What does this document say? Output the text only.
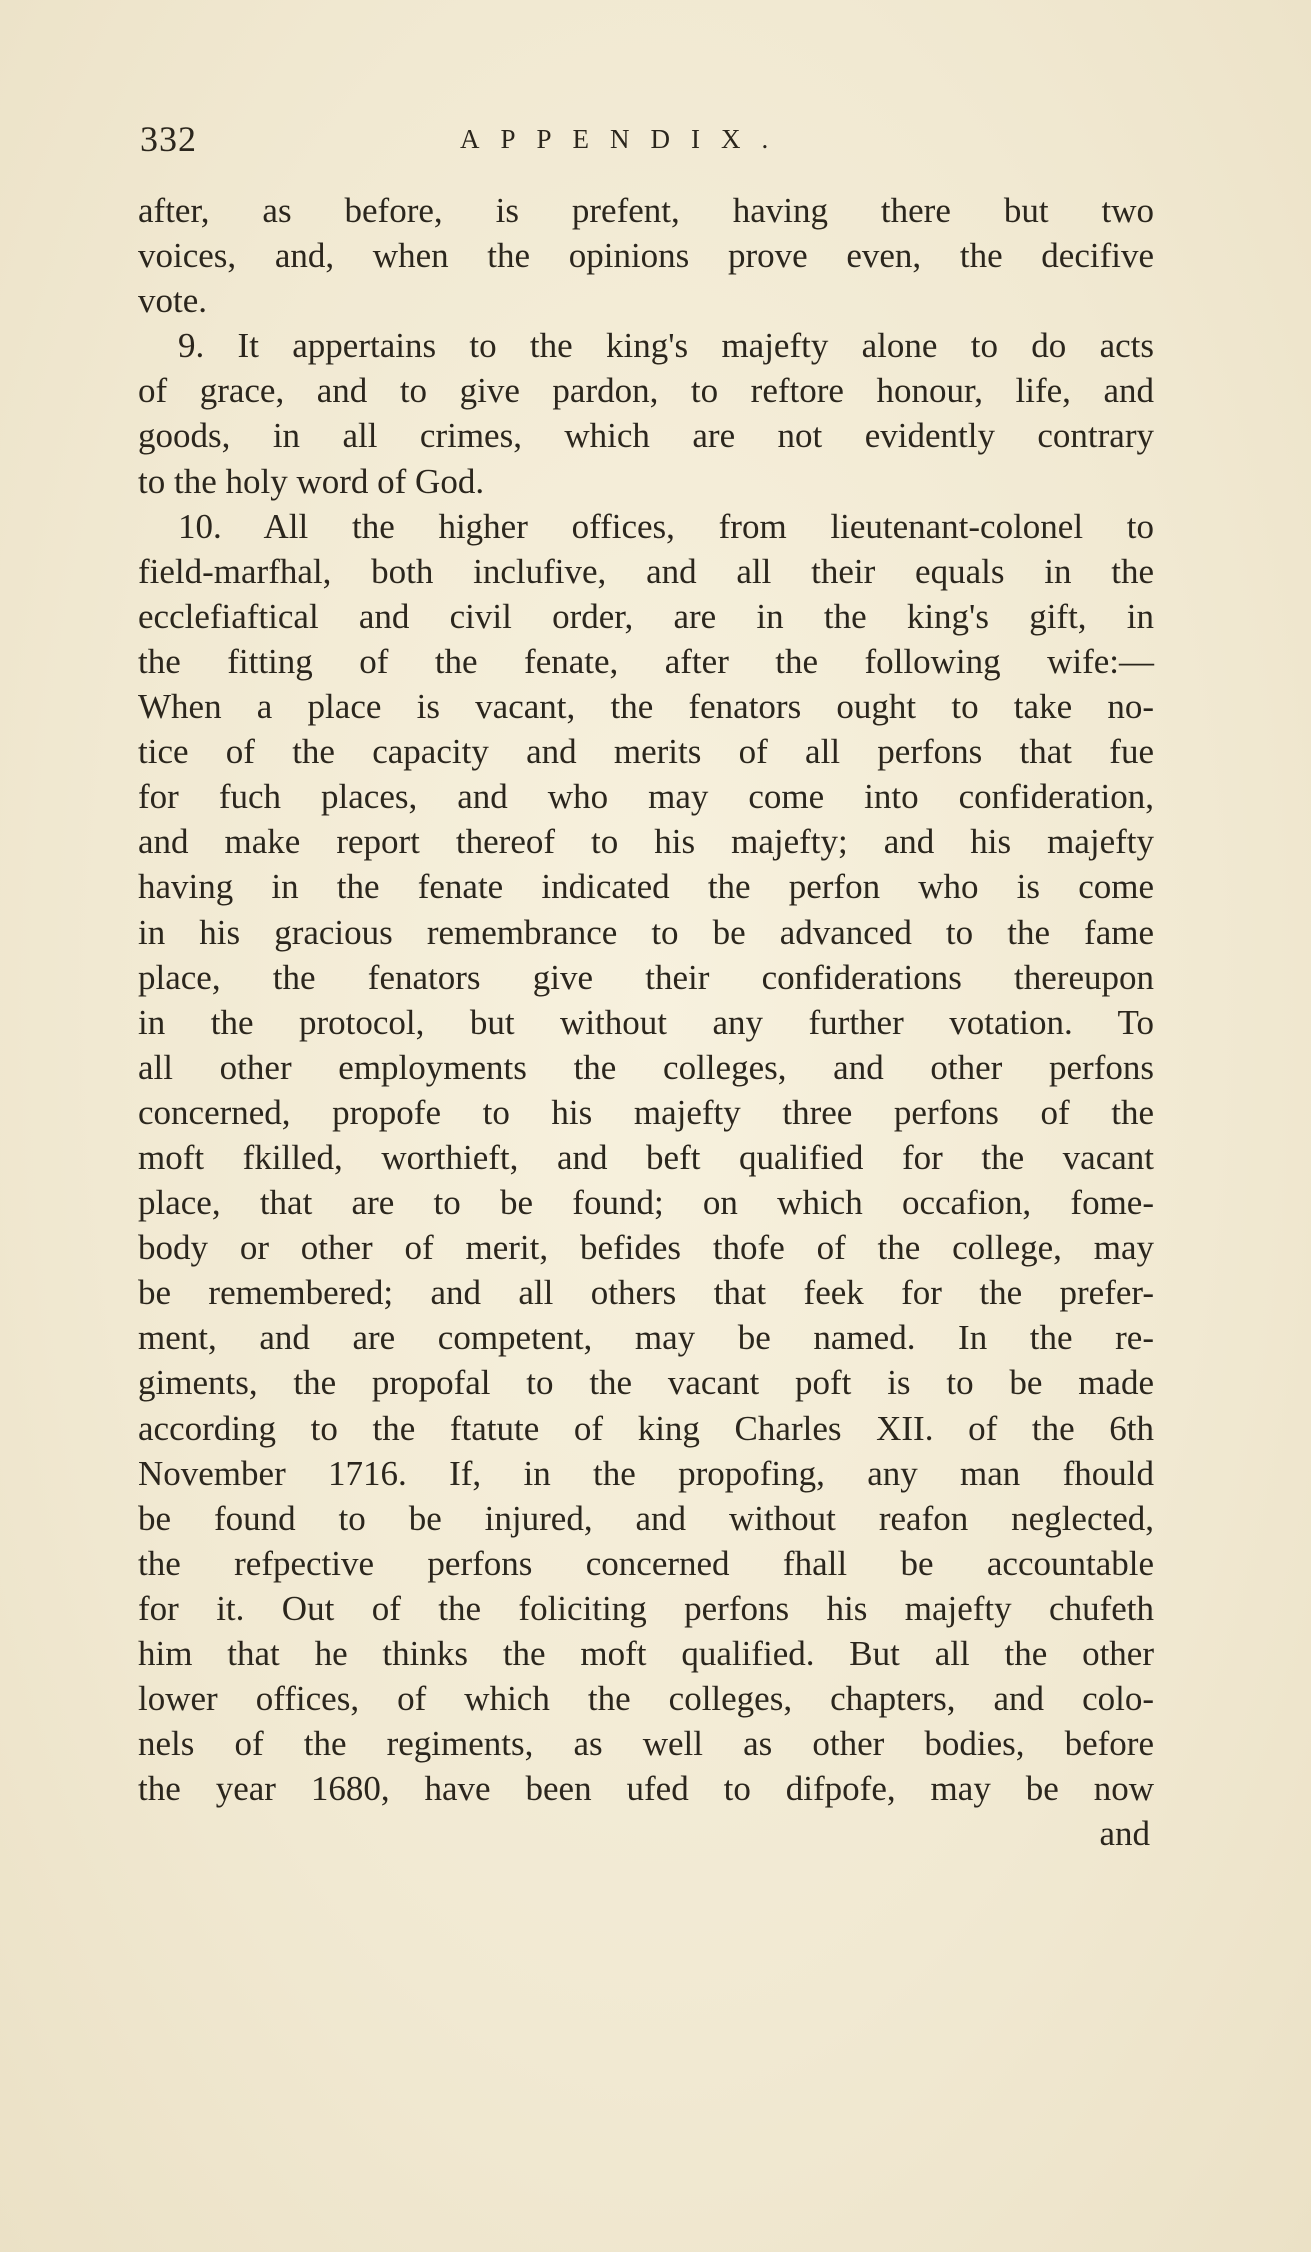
332	APPENDIX.
after, as before, is prefent, having there but two
voices, and, when the opinions prove even, the decifive
vote.
9. It appertains to the king's majefty alone to do acts
of grace, and to give pardon, to reftore honour, life, and
goods, in all crimes, which are not evidently contrary
to the holy word of God.
10. All the higher offices, from lieutenant-colonel to
field-marfhal, both inclufive, and all their equals in the
ecclefiaftical and civil order, are in the king's gift, in
the fitting of the fenate, after the following wife:—
When a place is vacant, the fenators ought to take no-
tice of the capacity and merits of all perfons that fue
for fuch places, and who may come into confideration,
and make report thereof to his majefty; and his majefty
having in the fenate indicated the perfon who is come
in his gracious remembrance to be advanced to the fame
place, the fenators give their confiderations thereupon
in the protocol, but without any further votation. To
all other employments the colleges, and other perfons
concerned, propofe to his majefty three perfons of the
moft fkilled, worthieft, and beft qualified for the vacant
place, that are to be found; on which occafion, fome-
body or other of merit, befides thofe of the college, may
be remembered; and all others that feek for the prefer-
ment, and are competent, may be named. In the re-
giments, the propofal to the vacant poft is to be made
according to the ftatute of king Charles XII. of the 6th
November 1716. If, in the propofing, any man fhould
be found to be injured, and without reafon neglected,
the refpective perfons concerned fhall be accountable
for it. Out of the foliciting perfons his majefty chufeth
him that he thinks the moft qualified. But all the other
lower offices, of which the colleges, chapters, and colo-
nels of the regiments, as well as other bodies, before
the year 1680, have been ufed to difpofe, may be now
and
